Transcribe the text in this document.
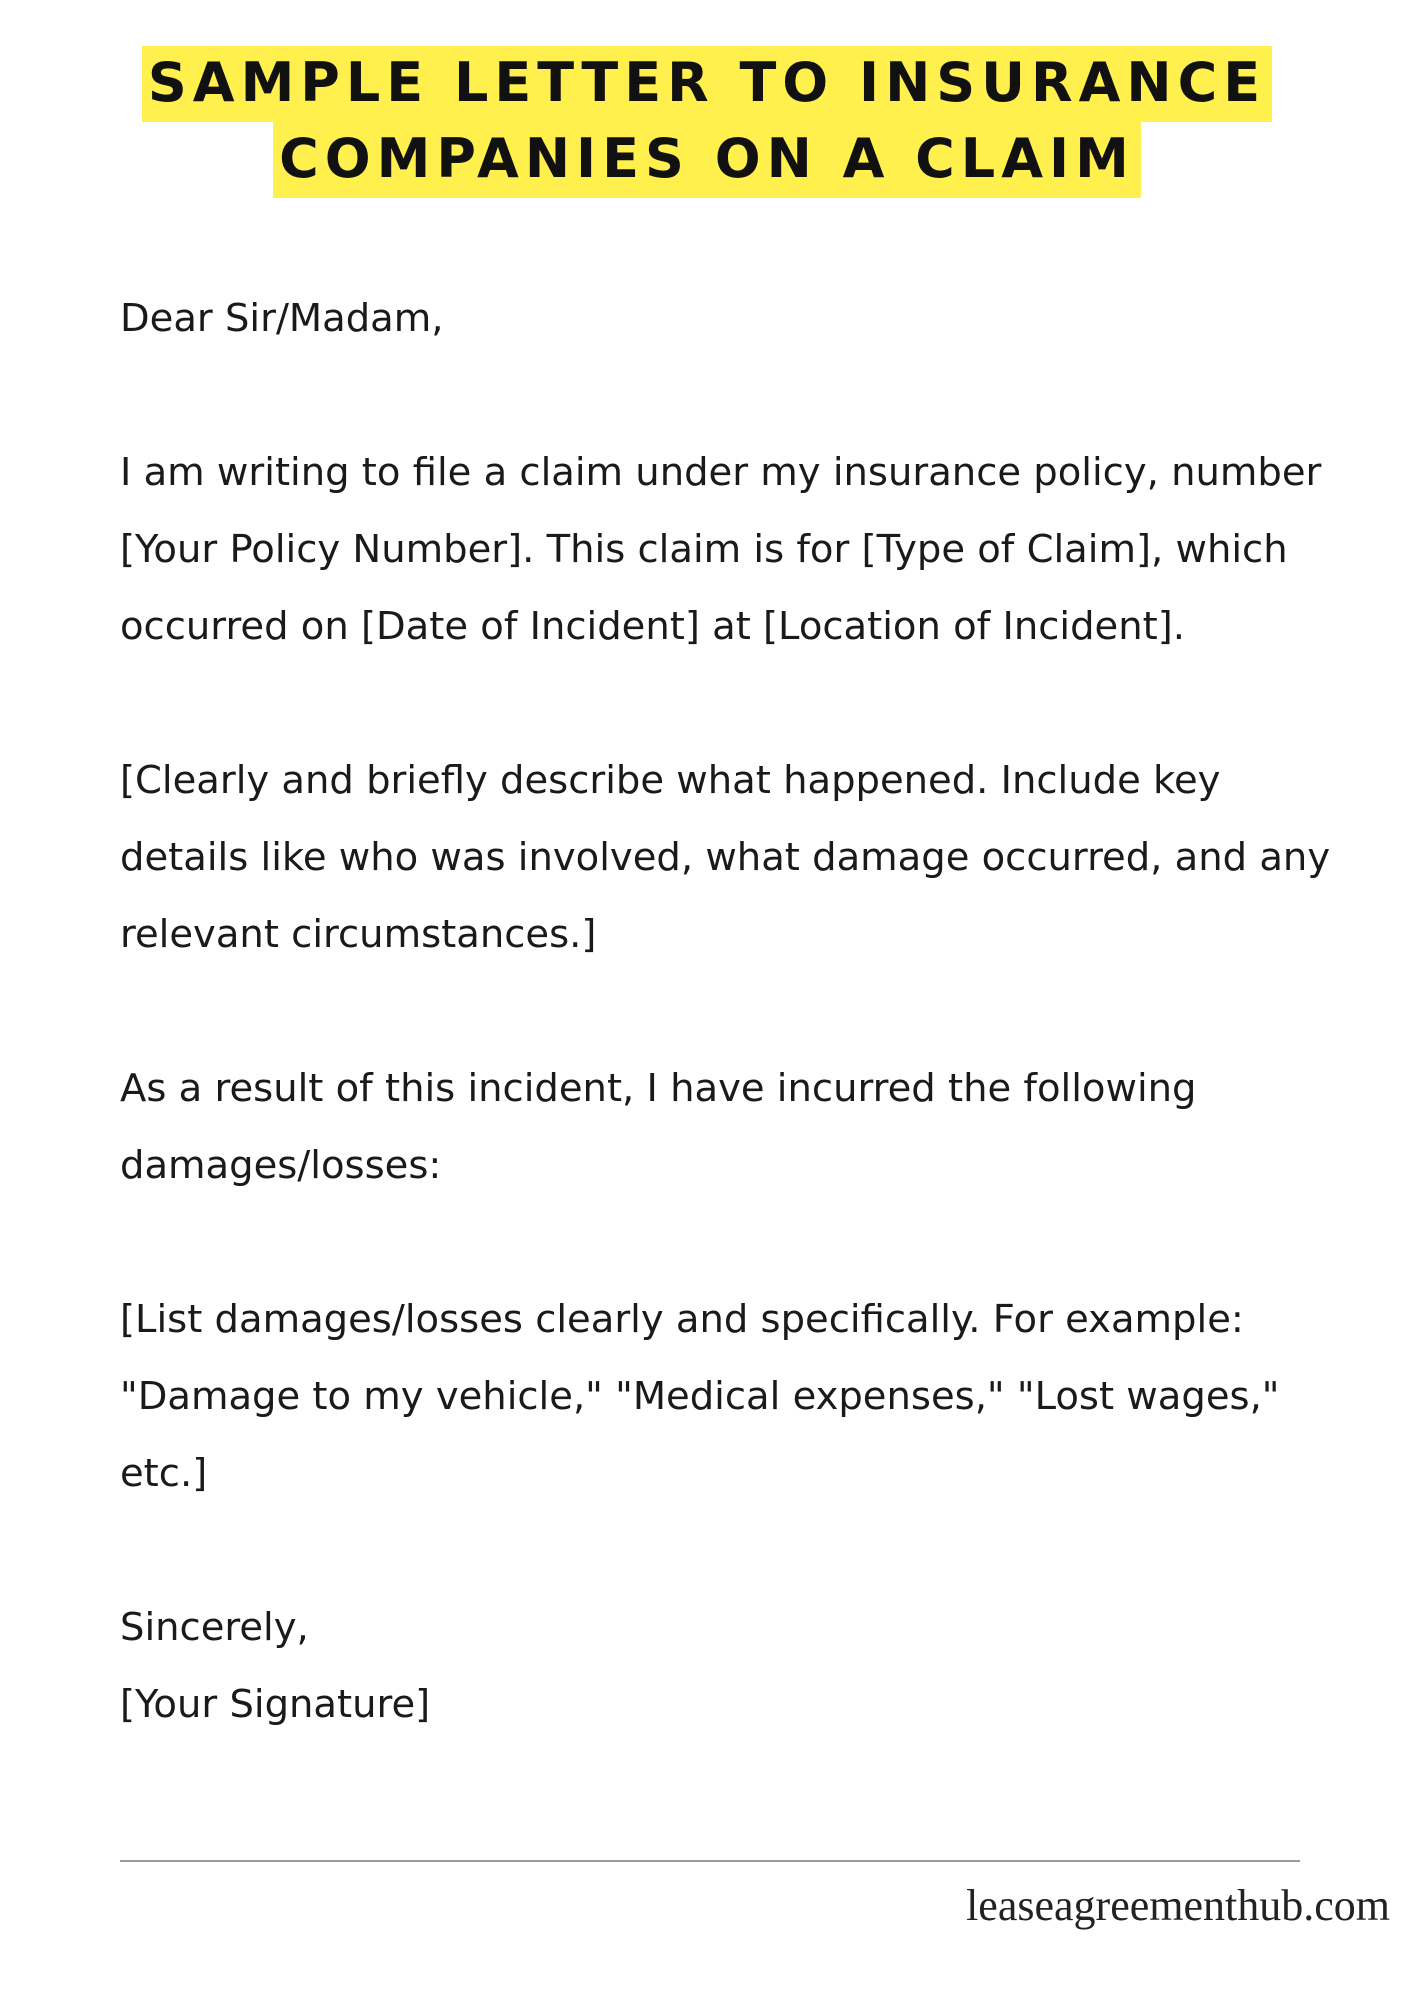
SAMPLE LETTER TO INSURANCE
COMPANIES ON A CLAIM

Dear Sir/Madam,

I am writing to file a claim under my insurance policy, number [Your Policy Number]. This claim is for [Type of Claim], which occurred on [Date of Incident] at [Location of Incident].

[Clearly and briefly describe what happened. Include key details like who was involved, what damage occurred, and any relevant circumstances.]

As a result of this incident, I have incurred the following damages/losses:

[List damages/losses clearly and specifically. For example: "Damage to my vehicle," "Medical expenses," "Lost wages," etc.]

Sincerely,

[Your Signature]

leaseagreementhub.com
